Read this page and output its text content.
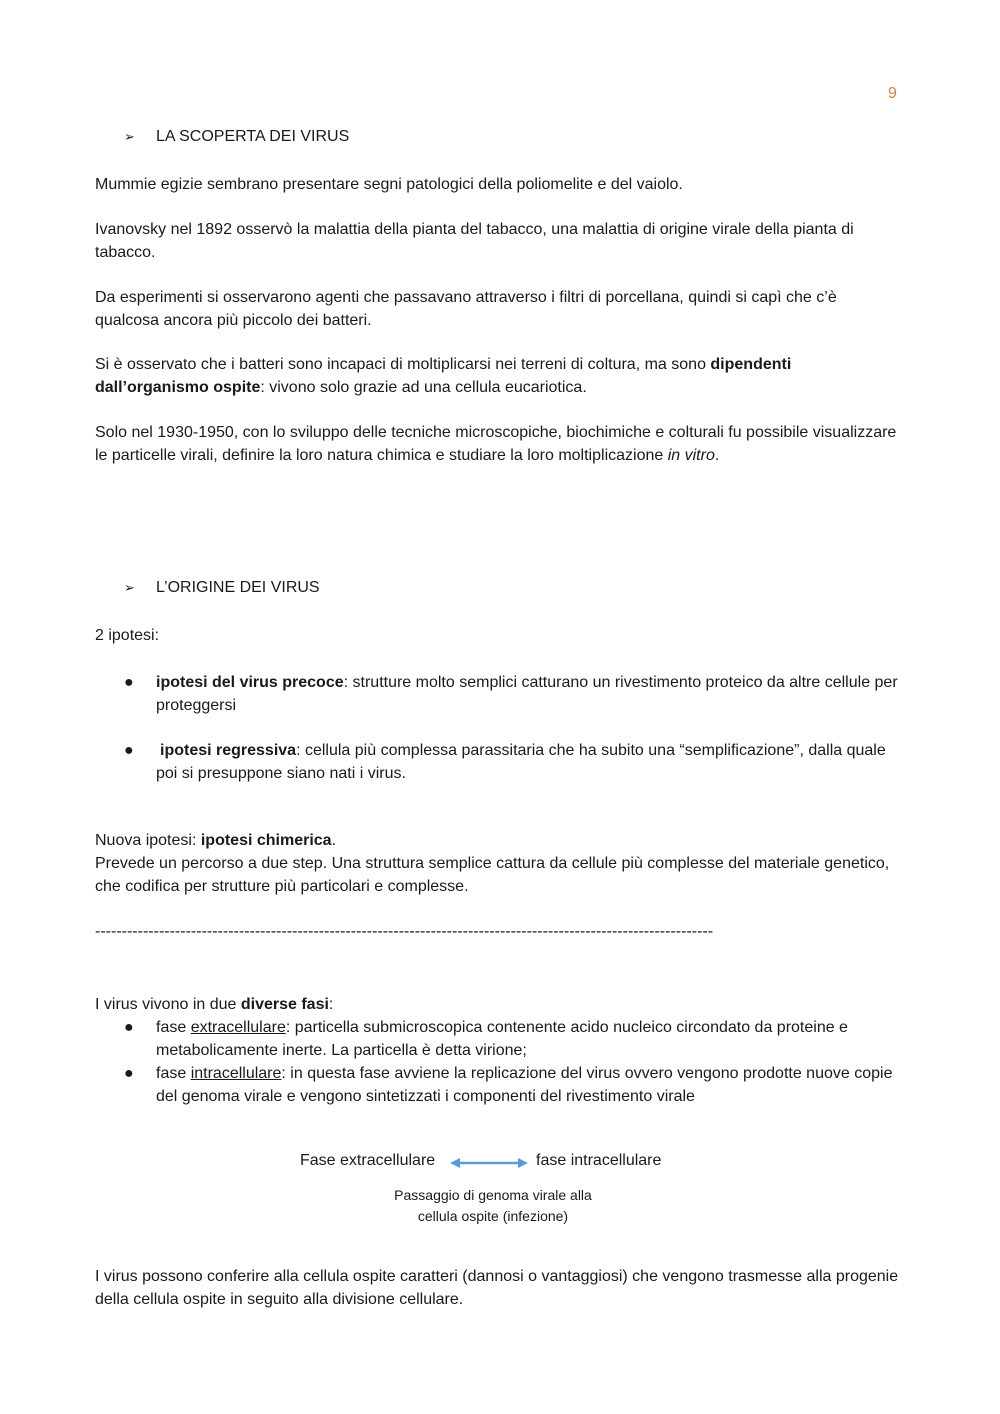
9
➢	LA SCOPERTA DEI VIRUS

Mummie egizie sembrano presentare segni patologici della poliomelite e del vaiolo.

Ivanovsky nel 1892 osservò la malattia della pianta del tabacco, una malattia di origine virale della pianta di tabacco.

Da esperimenti si osservarono agenti che passavano attraverso i filtri di porcellana, quindi si capì che c’è qualcosa ancora più piccolo dei batteri.

Si è osservato che i batteri sono incapaci di moltiplicarsi nei terreni di coltura, ma sono dipendenti dall’organismo ospite: vivono solo grazie ad una cellula eucariotica.

Solo nel 1930-1950, con lo sviluppo delle tecniche microscopiche, biochimiche e colturali fu possibile visualizzare le particelle virali, definire la loro natura chimica e studiare la loro moltiplicazione in vitro.

➢	L’ORIGINE DEI VIRUS

2 ipotesi:

● ipotesi del virus precoce: strutture molto semplici catturano un rivestimento proteico da altre cellule per proteggersi
● ipotesi regressiva: cellula più complessa parassitaria che ha subito una “semplificazione”, dalla quale poi si presuppone siano nati i virus.

Nuova ipotesi: ipotesi chimerica.
Prevede un percorso a due step. Una struttura semplice cattura da cellule più complesse del materiale genetico, che codifica per strutture più particolari e complesse.

--------------------------------------------------------------------------------------------------------------------

I virus vivono in due diverse fasi:

● fase extracellulare: particella submicroscopica contenente acido nucleico circondato da proteine e metabolicamente inerte. La particella è detta virione;
● fase intracellulare: in questa fase avviene la replicazione del virus ovvero vengono prodotte nuove copie del genoma virale e vengono sintetizzati i componenti del rivestimento virale
Fase extracellulare	fase intracellulare
Passaggio di genoma virale alla
cellula ospite (infezione)

I virus possono conferire alla cellula ospite caratteri (dannosi o vantaggiosi) che vengono trasmesse alla progenie della cellula ospite in seguito alla divisione cellulare.
